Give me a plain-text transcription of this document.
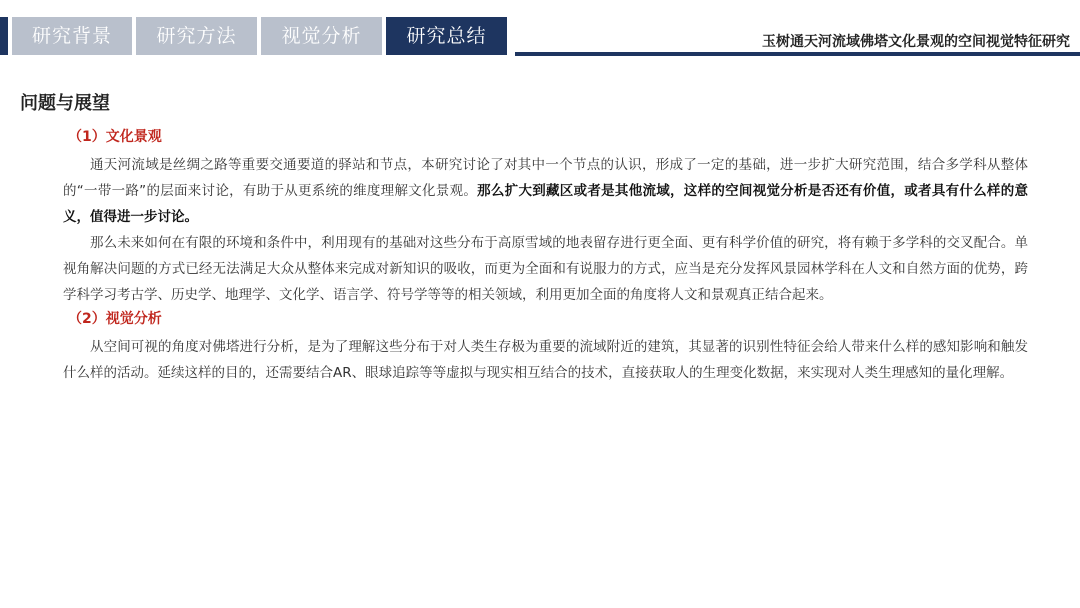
研究背景	研究方法	视觉分析	研究总结	玉树通天河流域佛塔文化景观的空间视觉特征研究
问题与展望
（1）文化景观

通天河流域是丝绸之路等重要交通要道的驿站和节点，本研究讨论了对其中一个节点的认识，形成了一定的基础，进一步扩大研究范围，结合多学科从整体的“一带一路”的层面来讨论，有助于从更系统的维度理解文化景观。那么扩大到藏区或者是其他流域，这样的空间视觉分析是否还有价值，或者具有什么样的意义，值得进一步讨论。

那么未来如何在有限的环境和条件中，利用现有的基础对这些分布于高原雪域的地表留存进行更全面、更有科学价值的研究，将有赖于多学科的交叉配合。单视角解决问题的方式已经无法满足大众从整体来完成对新知识的吸收，而更为全面和有说服力的方式，应当是充分发挥风景园林学科在人文和自然方面的优势，跨学科学习考古学、历史学、地理学、文化学、语言学、符号学等等的相关领域，利用更加全面的角度将人文和景观真正结合起来。

（2）视觉分析

从空间可视的角度对佛塔进行分析，是为了理解这些分布于对人类生存极为重要的流域附近的建筑，其显著的识别性特征会给人带来什么样的感知影响和触发什么样的活动。延续这样的目的，还需要结合AR、眼球追踪等等虚拟与现实相互结合的技术，直接获取人的生理变化数据，来实现对人类生理感知的量化理解。
